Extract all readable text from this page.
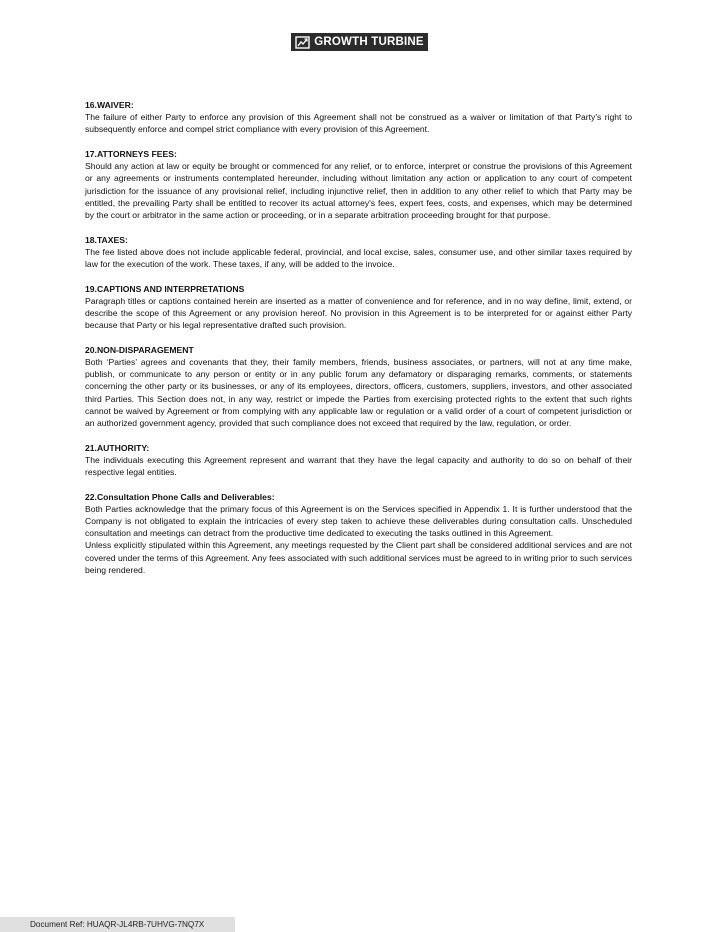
GROWTH TURBINE

16.WAIVER:

The failure of either Party to enforce any provision of this Agreement shall not be construed as a waiver or limitation of that Party's right to subsequently enforce and compel strict compliance with every provision of this Agreement.

17.ATTORNEYS FEES:

Should any action at law or equity be brought or commenced for any relief, or to enforce, interpret or construe the provisions of this Agreement or any agreements or instruments contemplated hereunder, including without limitation any action or application to any court of competent jurisdiction for the issuance of any provisional relief, including injunctive relief, then in addition to any other relief to which that Party may be entitled, the prevailing Party shall be entitled to recover its actual attorney's fees, expert fees, costs, and expenses, which may be determined by the court or arbitrator in the same action or proceeding, or in a separate arbitration proceeding brought for that purpose.

18.TAXES:

The fee listed above does not include applicable federal, provincial, and local excise, sales, consumer use, and other similar taxes required by law for the execution of the work. These taxes, if any, will be added to the invoice.

19.CAPTIONS AND INTERPRETATIONS

Paragraph titles or captions contained herein are inserted as a matter of convenience and for reference, and in no way define, limit, extend, or describe the scope of this Agreement or any provision hereof. No provision in this Agreement is to be interpreted for or against either Party because that Party or his legal representative drafted such provision.

20.NON-DISPARAGEMENT

Both ‘Parties’ agrees and covenants that they, their family members, friends, business associates, or partners, will not at any time make, publish, or communicate to any person or entity or in any public forum any defamatory or disparaging remarks, comments, or statements concerning the other party or its businesses, or any of its employees, directors, officers, customers, suppliers, investors, and other associated third Parties. This Section does not, in any way, restrict or impede the Parties from exercising protected rights to the extent that such rights cannot be waived by Agreement or from complying with any applicable law or regulation or a valid order of a court of competent jurisdiction or an authorized government agency, provided that such compliance does not exceed that required by the law, regulation, or order.

21.AUTHORITY:

The individuals executing this Agreement represent and warrant that they have the legal capacity and authority to do so on behalf of their respective legal entities.

22.Consultation Phone Calls and Deliverables:

Both Parties acknowledge that the primary focus of this Agreement is on the Services specified in Appendix 1. It is further understood that the Company is not obligated to explain the intricacies of every step taken to achieve these deliverables during consultation calls. Unscheduled consultation and meetings can detract from the productive time dedicated to executing the tasks outlined in this Agreement.

Unless explicitly stipulated within this Agreement, any meetings requested by the Client part shall be considered additional services and are not covered under the terms of this Agreement. Any fees associated with such additional services must be agreed to in writing prior to such services being rendered.

Document Ref: HUAQR-JL4RB-7UHVG-7NQ7X
